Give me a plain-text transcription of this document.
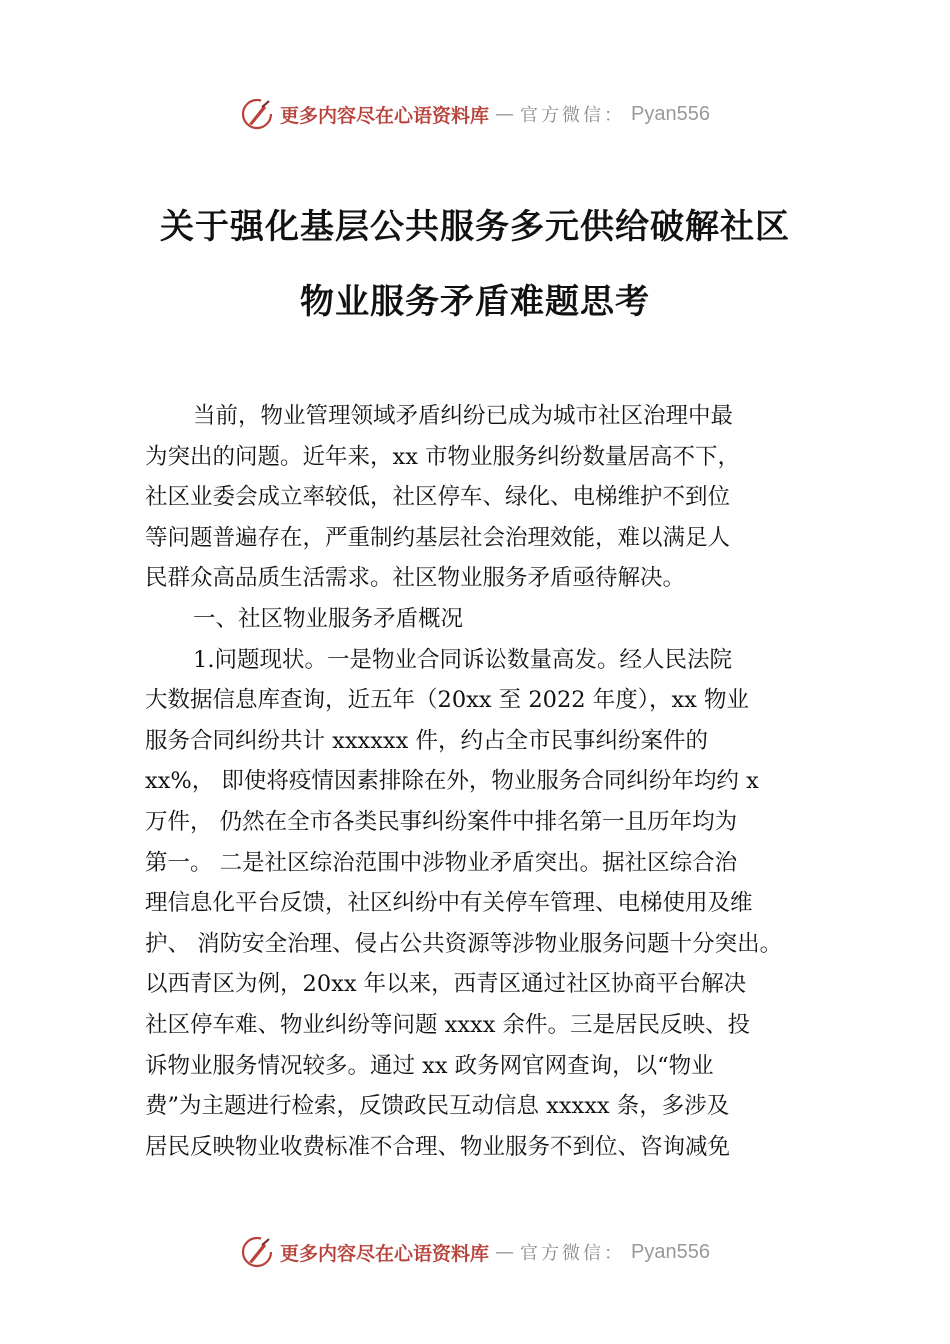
更多内容尽在心语资料库 — 官方微信： Pyan556
关于强化基层公共服务多元供给破解社区
物业服务矛盾难题思考
当前，物业管理领域矛盾纠纷已成为城市社区治理中最
为突出的问题。近年来，xx 市物业服务纠纷数量居高不下，
社区业委会成立率较低，社区停车、绿化、电梯维护不到位
等问题普遍存在，严重制约基层社会治理效能，难以满足人
民群众高品质生活需求。社区物业服务矛盾亟待解决。
一、社区物业服务矛盾概况
1.问题现状。一是物业合同诉讼数量高发。经人民法院
大数据信息库查询，近五年（20xx 至 2022 年度），xx 物业
服务合同纠纷共计 xxxxxx 件，约占全市民事纠纷案件的
xx%， 即使将疫情因素排除在外，物业服务合同纠纷年均约 x
万件， 仍然在全市各类民事纠纷案件中排名第一且历年均为
第一。 二是社区综治范围中涉物业矛盾突出。据社区综合治
理信息化平台反馈，社区纠纷中有关停车管理、电梯使用及维
护、 消防安全治理、侵占公共资源等涉物业服务问题十分突出。
以西青区为例，20xx 年以来，西青区通过社区协商平台解决
社区停车难、物业纠纷等问题 xxxx 余件。三是居民反映、投
诉物业服务情况较多。通过 xx 政务网官网查询，以“物业
费”为主题进行检索，反馈政民互动信息 xxxxx 条，多涉及
居民反映物业收费标准不合理、物业服务不到位、咨询减免
更多内容尽在心语资料库 — 官方微信： Pyan556
